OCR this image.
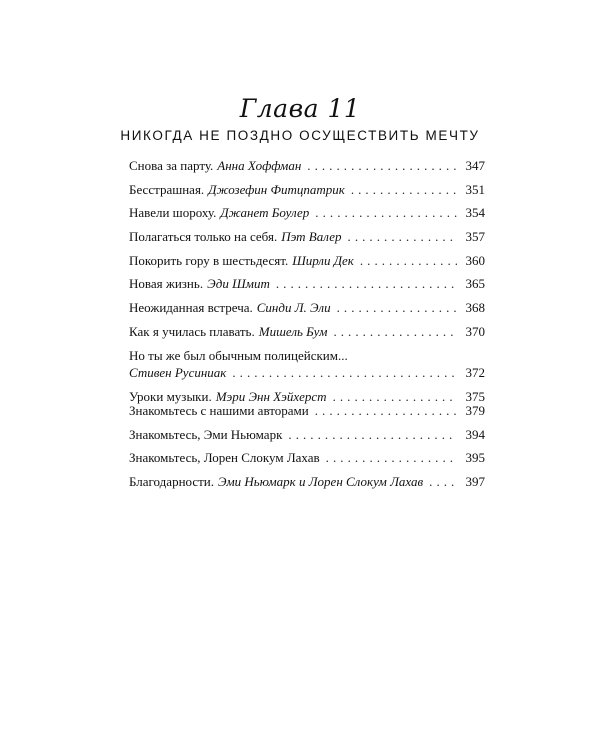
Глава 11
НИКОГДА НЕ ПОЗДНО ОСУЩЕСТВИТЬ МЕЧТУ
Снова за парту. Анна Хоффман . . .	347
Бесстрашная. Джозефин Фитцпатрик . . .	351
Навели шороху. Джанет Боулер . . .	354
Полагаться только на себя. Пэт Валер . . .	357
Покорить гору в шестьдесят. Ширли Дек . . .	360
Новая жизнь. Эди Шмит . . .	365
Неожиданная встреча. Синди Л. Эли . . .	368
Как я училась плавать. Мишель Бум . . .	370
Но ты же был обычным полицейским...
Стивен Русиниак . . .	372
Уроки музыки. Мэри Энн Хэйхерст . . .	375
Знакомьтесь с нашими авторами . . .	379
Знакомьтесь, Эми Ньюмарк . . .	394
Знакомьтесь, Лорен Слокум Лахав . . .	395
Благодарности. Эми Ньюмарк и Лорен Слокум Лахав . . .	397
